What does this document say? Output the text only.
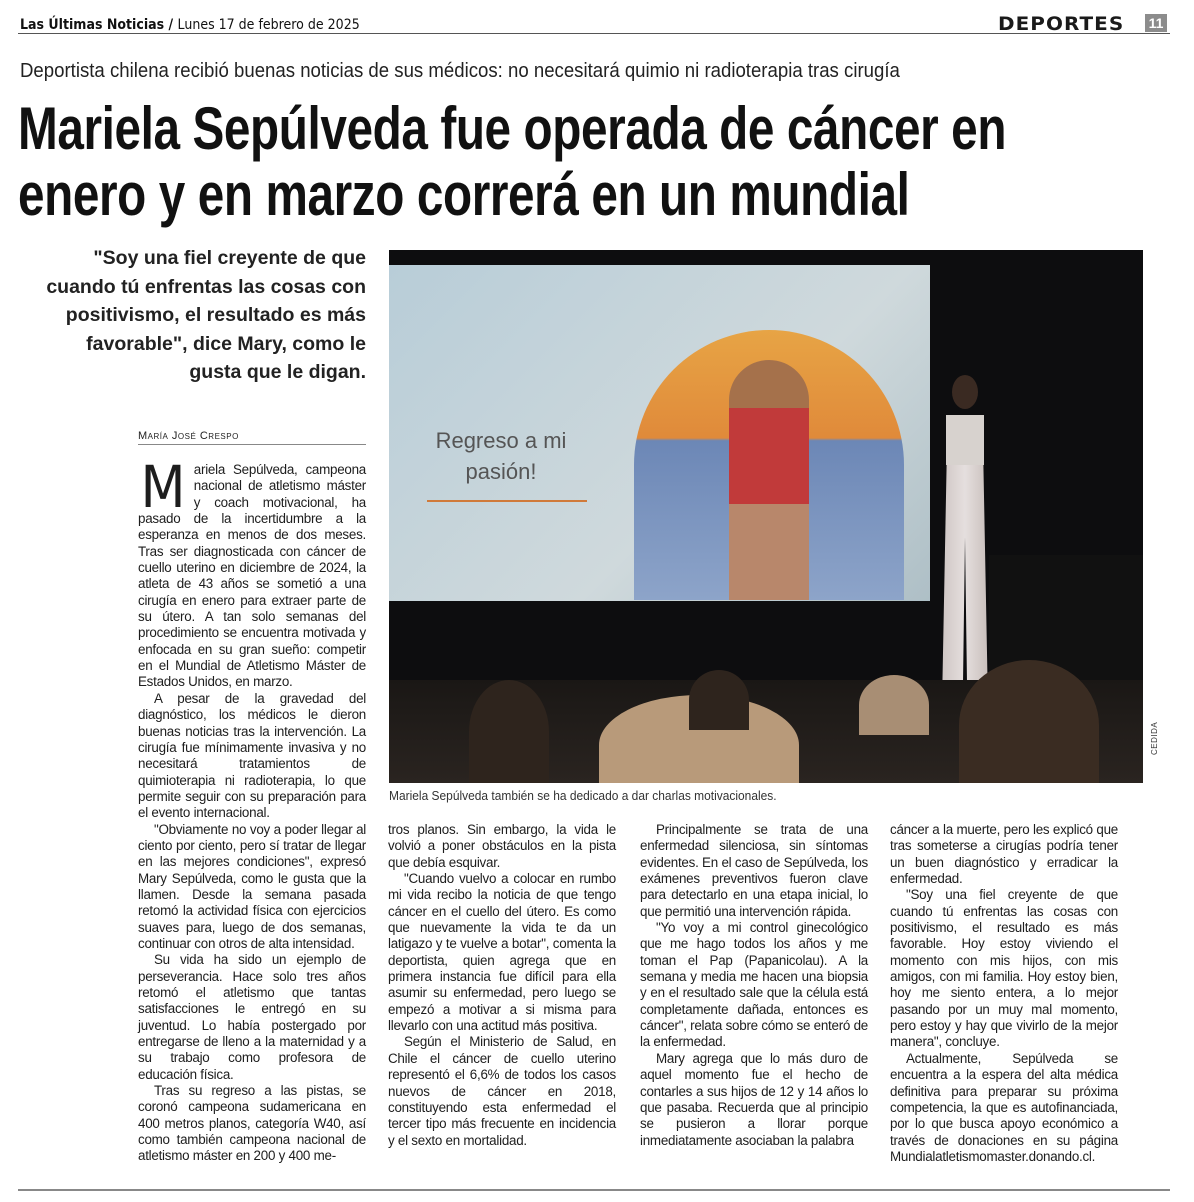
Las Últimas Noticias / Lunes 17 de febrero de 2025	DEPORTES 11
Deportista chilena recibió buenas noticias de sus médicos: no necesitará quimio ni radioterapia tras cirugía
Mariela Sepúlveda fue operada de cáncer en
enero y en marzo correrá en un mundial
"Soy una fiel creyente de que
cuando tú enfrentas las cosas con
positivismo, el resultado es más
favorable", dice Mary, como le
gusta que le digan.
María José Crespo	Regreso a mi pasión!
Mariela Sepúlveda también se ha dedicado a dar charlas motivacionales.
CEDIDA

Mariela Sepúlveda, campeona nacional de atletismo máster y coach motivacional, ha pasado de la incertidumbre a la esperanza en menos de dos meses. Tras ser diagnosticada con cáncer de cuello uterino en diciembre de 2024, la atleta de 43 años se sometió a una cirugía en enero para extraer parte de su útero. A tan solo semanas del procedimiento se encuentra motivada y enfocada en su gran sueño: competir en el Mundial de Atletismo Máster de Estados Unidos, en marzo.

A pesar de la gravedad del diagnóstico, los médicos le dieron buenas noticias tras la intervención. La cirugía fue mínimamente invasiva y no necesitará tratamientos de quimioterapia ni radioterapia, lo que permite seguir con su preparación para el evento internacional.

"Obviamente no voy a poder llegar al ciento por ciento, pero sí tratar de llegar en las mejores condiciones", expresó Mary Sepúlveda, como le gusta que la llamen. Desde la semana pasada retomó la actividad física con ejercicios suaves para, luego de dos semanas, continuar con otros de alta intensidad.

Su vida ha sido un ejemplo de perseverancia. Hace solo tres años retomó el atletismo que tantas satisfacciones le entregó en su juventud. Lo había postergado por entregarse de lleno a la maternidad y a su trabajo como profesora de educación física.

Tras su regreso a las pistas, se coronó campeona sudamericana en 400 metros planos, categoría W40, así como también campeona nacional de atletismo máster en 200 y 400 me-

tros planos. Sin embargo, la vida le volvió a poner obstáculos en la pista que debía esquivar.

"Cuando vuelvo a colocar en rumbo mi vida recibo la noticia de que tengo cáncer en el cuello del útero. Es como que nuevamente la vida te da un latigazo y te vuelve a botar", comenta la deportista, quien agrega que en primera instancia fue difícil para ella asumir su enfermedad, pero luego se empezó a motivar a si misma para llevarlo con una actitud más positiva.

Según el Ministerio de Salud, en Chile el cáncer de cuello uterino representó el 6,6% de todos los casos nuevos de cáncer en 2018, constituyendo esta enfermedad el tercer tipo más frecuente en incidencia y el sexto en mortalidad.

Principalmente se trata de una enfermedad silenciosa, sin síntomas evidentes. En el caso de Sepúlveda, los exámenes preventivos fueron clave para detectarlo en una etapa inicial, lo que permitió una intervención rápida.

"Yo voy a mi control ginecológico que me hago todos los años y me toman el Pap (Papanicolau). A la semana y media me hacen una biopsia y en el resultado sale que la célula está completamente dañada, entonces es cáncer", relata sobre cómo se enteró de la enfermedad.

Mary agrega que lo más duro de aquel momento fue el hecho de contarles a sus hijos de 12 y 14 años lo que pasaba. Recuerda que al principio se pusieron a llorar porque inmediatamente asociaban la palabra

cáncer a la muerte, pero les explicó que tras someterse a cirugías podría tener un buen diagnóstico y erradicar la enfermedad.

"Soy una fiel creyente de que cuando tú enfrentas las cosas con positivismo, el resultado es más favorable. Hoy estoy viviendo el momento con mis hijos, con mis amigos, con mi familia. Hoy estoy bien, hoy me siento entera, a lo mejor pasando por un muy mal momento, pero estoy y hay que vivirlo de la mejor manera", concluye.

Actualmente, Sepúlveda se encuentra a la espera del alta médica definitiva para preparar su próxima competencia, la que es autofinanciada, por lo que busca apoyo económico a través de donaciones en su página Mundialatletismomaster.donando.cl.
